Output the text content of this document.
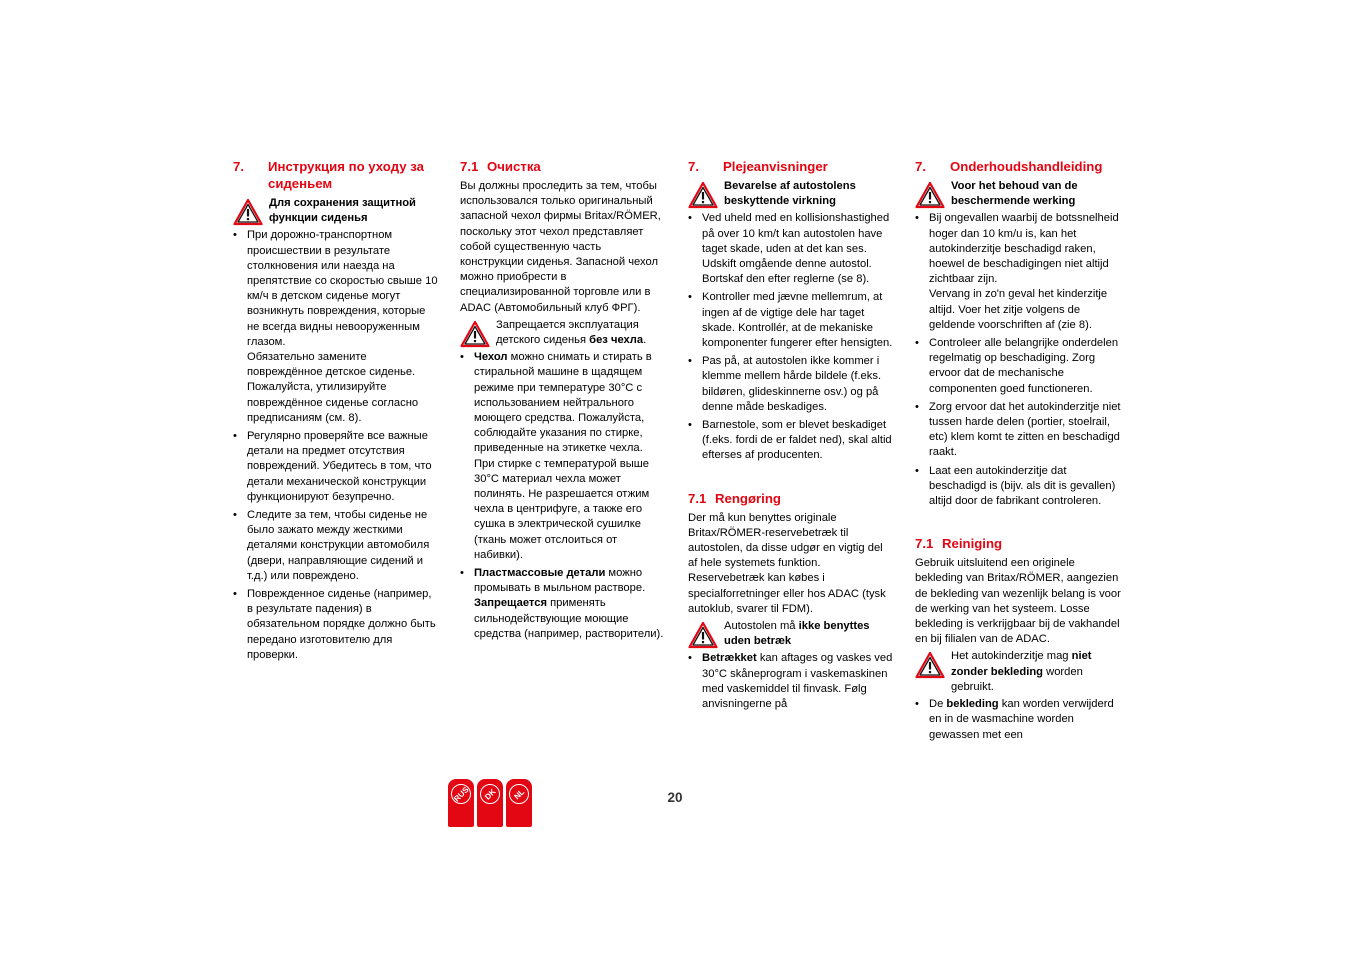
7.	Инструкция по уходу за сиденьем
Для сохранения защитной функции сиденья
• При дорожно-транспортном происшествии в результате столкновения или наезда на препятствие со скоростью свыше 10 км/ч в детском сиденье могут возникнуть повреждения, которые не всегда видны невооруженным глазом.
Обязательно замените повреждённое детское сиденье. Пожалуйста, утилизируйте повреждённое сиденье согласно предписаниям (см. 8).
• Регулярно проверяйте все важные детали на предмет отсутствия повреждений. Убедитесь в том, что детали механической конструкции функционируют безупречно.
• Следите за тем, чтобы сиденье не было зажато между жесткими деталями конструкции автомобиля (двери, направляющие сидений и т.д.) или повреждено.
• Поврежденное сиденье (например, в результате падения) в обязательном порядке должно быть передано изготовителю для проверки.
7.1 Очистка

Вы должны проследить за тем, чтобы использовался только оригинальный запасной чехол фирмы Britax/RÖMER, поскольку этот чехол представляет собой существенную часть конструкции сиденья. Запасной чехол можно приобрести в специализированной торговле или в ADAC (Автомобильный клуб ФРГ).

Запрещается эксплуатация детского сиденья без чехла.
• Чехол можно снимать и стирать в стиральной машине в щадящем режиме при температуре 30°С с использованием нейтрального моющего средства. Пожалуйста, соблюдайте указания по стирке, приведенные на этикетке чехла. При стирке с температурой выше 30°С материал чехла может полинять. Не разрешается отжим чехла в центрифуге, а также его сушка в электрической сушилке (ткань может отслоиться от набивки).
• Пластмассовые детали можно промывать в мыльном растворе. Запрещается применять сильнодействующие моющие средства (например, растворители).
7.	Plejeanvisninger
Bevarelse af autostolens beskyttende virkning
• Ved uheld med en kollisionshastighed på over 10 km/t kan autostolen have taget skade, uden at det kan ses.
Udskift omgående denne autostol. Bortskaf den efter reglerne (se 8).
• Kontroller med jævne mellemrum, at ingen af de vigtige dele har taget skade. Kontrollér, at de mekaniske komponenter fungerer efter hensigten.
• Pas på, at autostolen ikke kommer i klemme mellem hårde bildele (f.eks. bildøren, glideskinnerne osv.) og på denne måde beskadiges.
• Barnestole, som er blevet beskadiget (f.eks. fordi de er faldet ned), skal altid efterses af producenten.
7.1 Rengøring

Der må kun benyttes originale Britax/RÖMER-reservebetræk til autostolen, da disse udgør en vigtig del af hele systemets funktion. Reservebetræk kan købes i specialforretninger eller hos ADAC (tysk autoklub, svarer til FDM).

Autostolen må ikke benyttes uden betræk
• Betrækket kan aftages og vaskes ved 30°C skåneprogram i vaskemaskinen med vaskemiddel til finvask. Følg anvisningerne på
7.	Onderhoudshandleiding
Voor het behoud van de beschermende werking
• Bij ongevallen waarbij de botssnelheid hoger dan 10 km/u is, kan het autokinderzitje beschadigd raken, hoewel de beschadigingen niet altijd zichtbaar zijn.
Vervang in zo'n geval het kinderzitje altijd. Voer het zitje volgens de geldende voorschriften af (zie 8).
• Controleer alle belangrijke onderdelen regelmatig op beschadiging. Zorg ervoor dat de mechanische componenten goed functioneren.
• Zorg ervoor dat het autokinderzitje niet tussen harde delen (portier, stoelrail, etc) klem komt te zitten en beschadigd raakt.
• Laat een autokinderzitje dat beschadigd is (bijv. als dit is gevallen) altijd door de fabrikant controleren.
7.1 Reiniging

Gebruik uitsluitend een originele bekleding van Britax/RÖMER, aangezien de bekleding van wezenlijk belang is voor de werking van het systeem. Losse bekleding is verkrijgbaar bij de vakhandel en bij filialen van de ADAC.

Het autokinderzitje mag niet zonder bekleding worden gebruikt.
• De bekleding kan worden verwijderd en in de wasmachine worden gewassen met een
RUS	DK	NL	20
